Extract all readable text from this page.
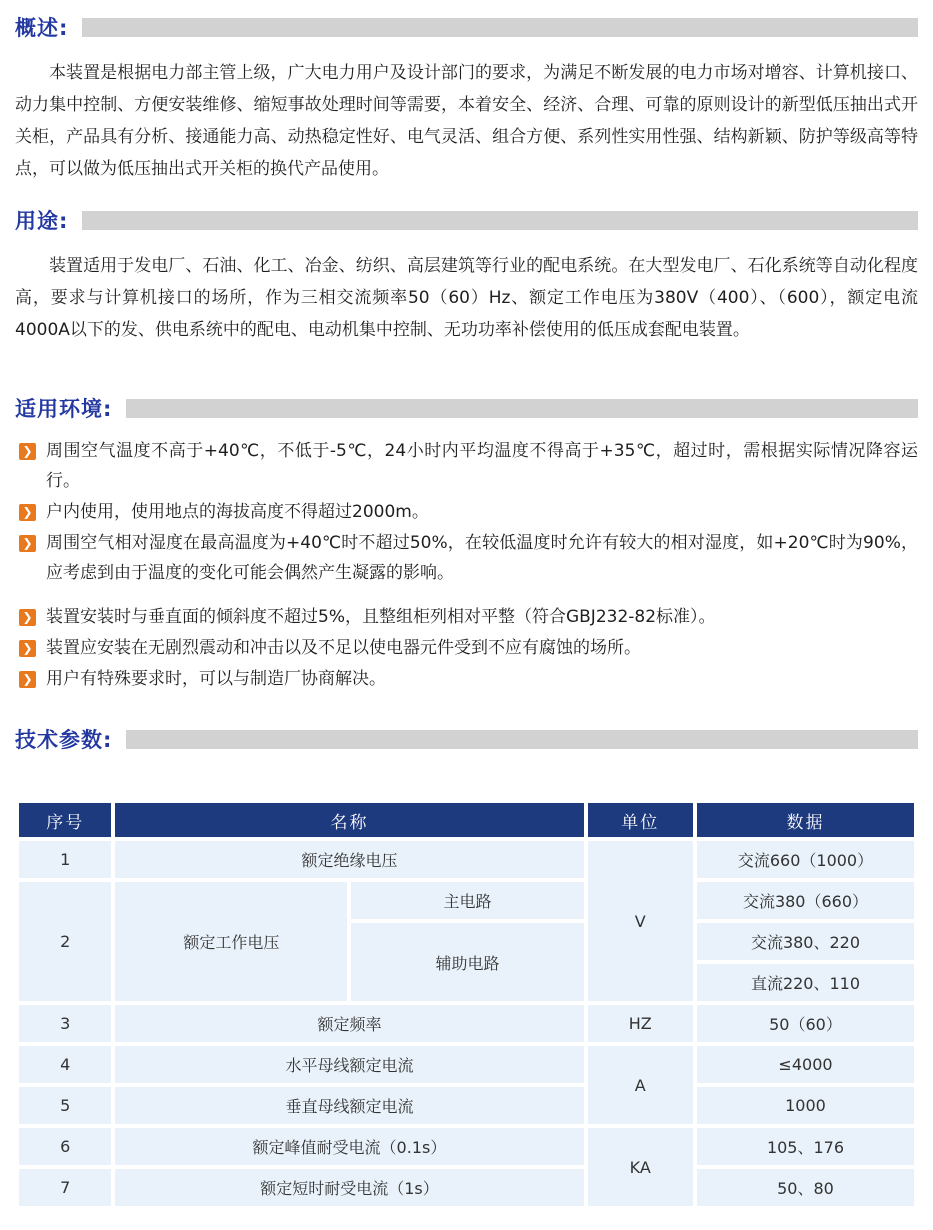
概述:

本装置是根据电力部主管上级，广大电力用户及设计部门的要求，为满足不断发展的电力市场对增容、计算机接口、动力集中控制、方便安装维修、缩短事故处理时间等需要，本着安全、经济、合理、可靠的原则设计的新型低压抽出式开关柜，产品具有分析、接通能力高、动热稳定性好、电气灵活、组合方便、系列性实用性强、结构新颖、防护等级高等特点，可以做为低压抽出式开关柜的换代产品使用。

用途:

装置适用于发电厂、石油、化工、冶金、纺织、高层建筑等行业的配电系统。在大型发电厂、石化系统等自动化程度高，要求与计算机接口的场所，作为三相交流频率50（60）Hz、额定工作电压为380V（400）、（600），额定电流4000A以下的发、供电系统中的配电、电动机集中控制、无功功率补偿使用的低压成套配电装置。

适用环境:
❯ 周围空气温度不高于+40℃，不低于-5℃，24小时内平均温度不得高于+35℃，超过时，需根据实际情况降容运行。
❯ 户内使用，使用地点的海拔高度不得超过2000m。
❯ 周围空气相对湿度在最高温度为+40℃时不超过50%，在较低温度时允许有较大的相对湿度，如+20℃时为90%，应考虑到由于温度的变化可能会偶然产生凝露的影响。
❯ 装置安装时与垂直面的倾斜度不超过5%，且整组柜列相对平整（符合GBJ232-82标准）。
❯ 装置应安装在无剧烈震动和冲击以及不足以使电器元件受到不应有腐蚀的场所。
❯ 用户有特殊要求时，可以与制造厂协商解决。
技术参数:
序号	名称		单位	数据
1	额定绝缘电压		V	交流660（1000）
2	额定工作电压	主电路		交流380（660）
		辅助电路		交流380、220
				直流220、110
3	额定频率		HZ	50（60）
4	水平母线额定电流		A	≤4000
5	垂直母线额定电流			1000
6	额定峰值耐受电流（0.1s）		KA	105、176
7	额定短时耐受电流（1s）			50、80
